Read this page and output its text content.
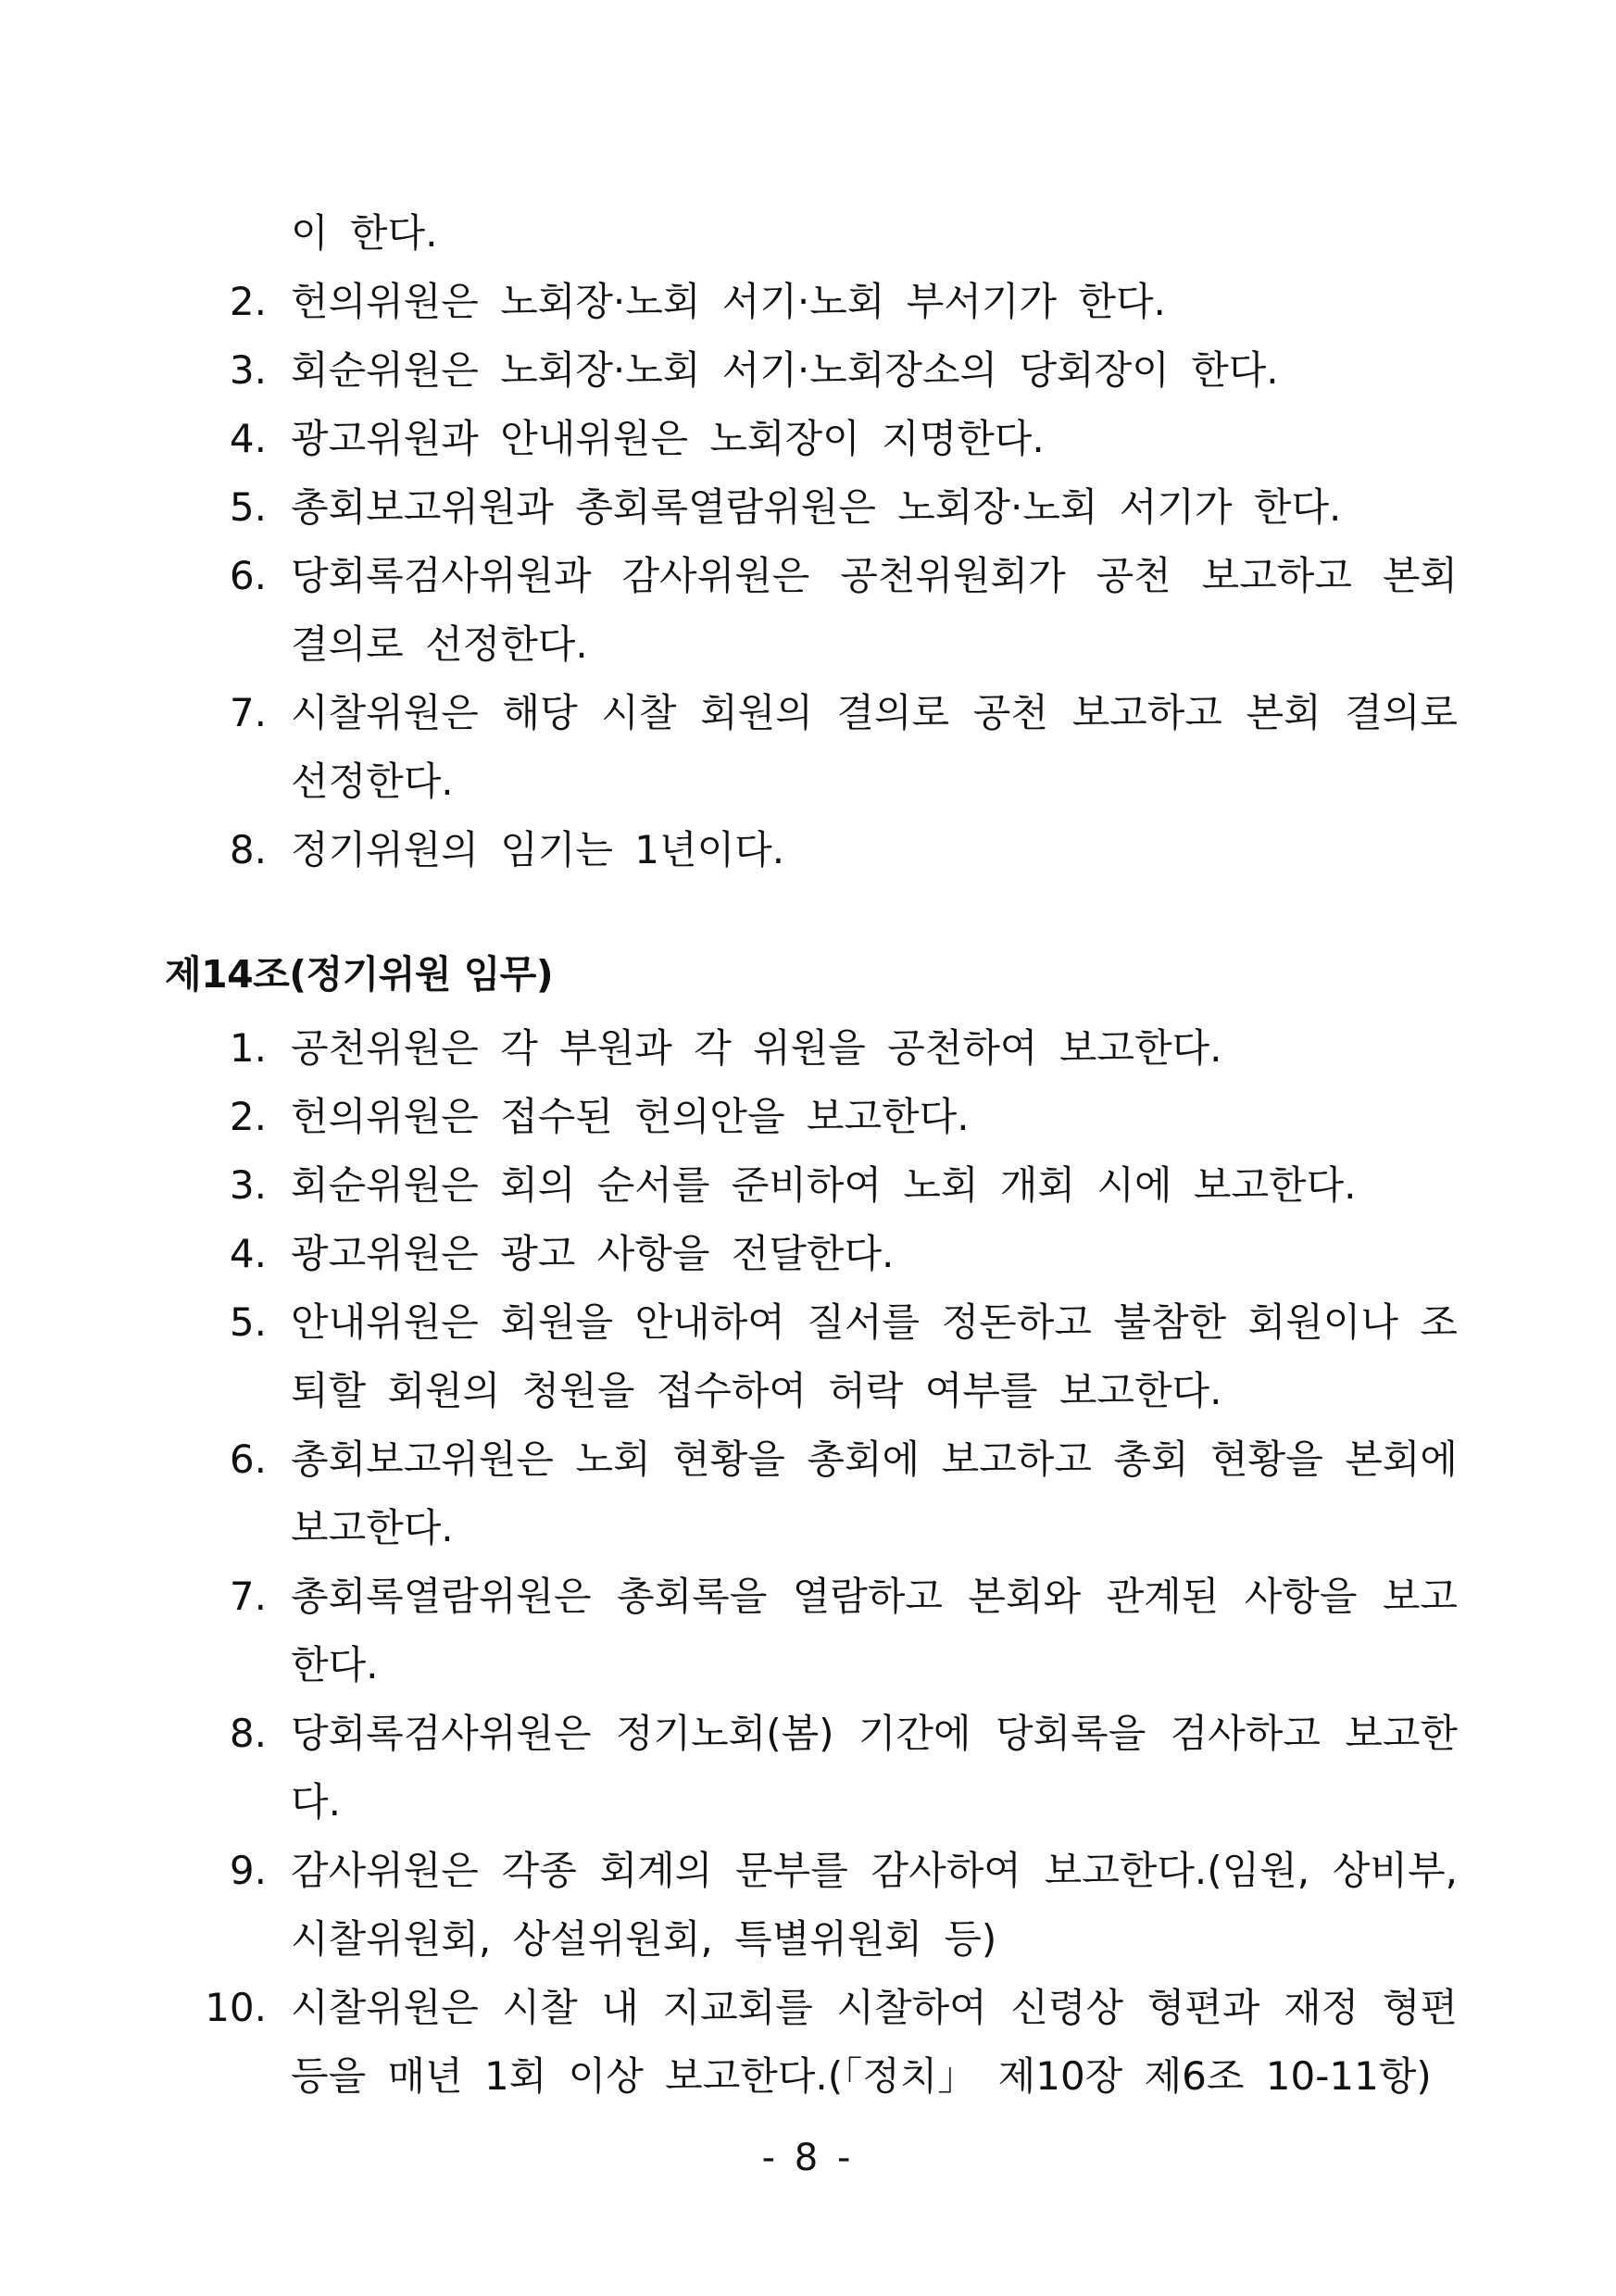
이 한다.
2. 헌의위원은 노회장·노회 서기·노회 부서기가 한다.
3. 회순위원은 노회장·노회 서기·노회장소의 당회장이 한다.
4. 광고위원과 안내위원은 노회장이 지명한다.
5. 총회보고위원과 총회록열람위원은 노회장·노회 서기가 한다.
6. 당회록검사위원과 감사위원은 공천위원회가 공천 보고하고 본회 결의로 선정한다.
7. 시찰위원은 해당 시찰 회원의 결의로 공천 보고하고 본회 결의로 선정한다.
8. 정기위원의 임기는 1년이다.
제14조(정기위원 임무)
1. 공천위원은 각 부원과 각 위원을 공천하여 보고한다.
2. 헌의위원은 접수된 헌의안을 보고한다.
3. 회순위원은 회의 순서를 준비하여 노회 개회 시에 보고한다.
4. 광고위원은 광고 사항을 전달한다.
5. 안내위원은 회원을 안내하여 질서를 정돈하고 불참한 회원이나 조퇴할 회원의 청원을 접수하여 허락 여부를 보고한다.
6. 총회보고위원은 노회 현황을 총회에 보고하고 총회 현황을 본회에 보고한다.
7. 총회록열람위원은 총회록을 열람하고 본회와 관계된 사항을 보고한다.
8. 당회록검사위원은 정기노회(봄) 기간에 당회록을 검사하고 보고한다.
9. 감사위원은 각종 회계의 문부를 감사하여 보고한다.(임원, 상비부, 시찰위원회, 상설위원회, 특별위원회 등)
10. 시찰위원은 시찰 내 지교회를 시찰하여 신령상 형편과 재정 형편 등을 매년 1회 이상 보고한다.(「정치」 제10장 제6조 10-11항)
- 8 -
